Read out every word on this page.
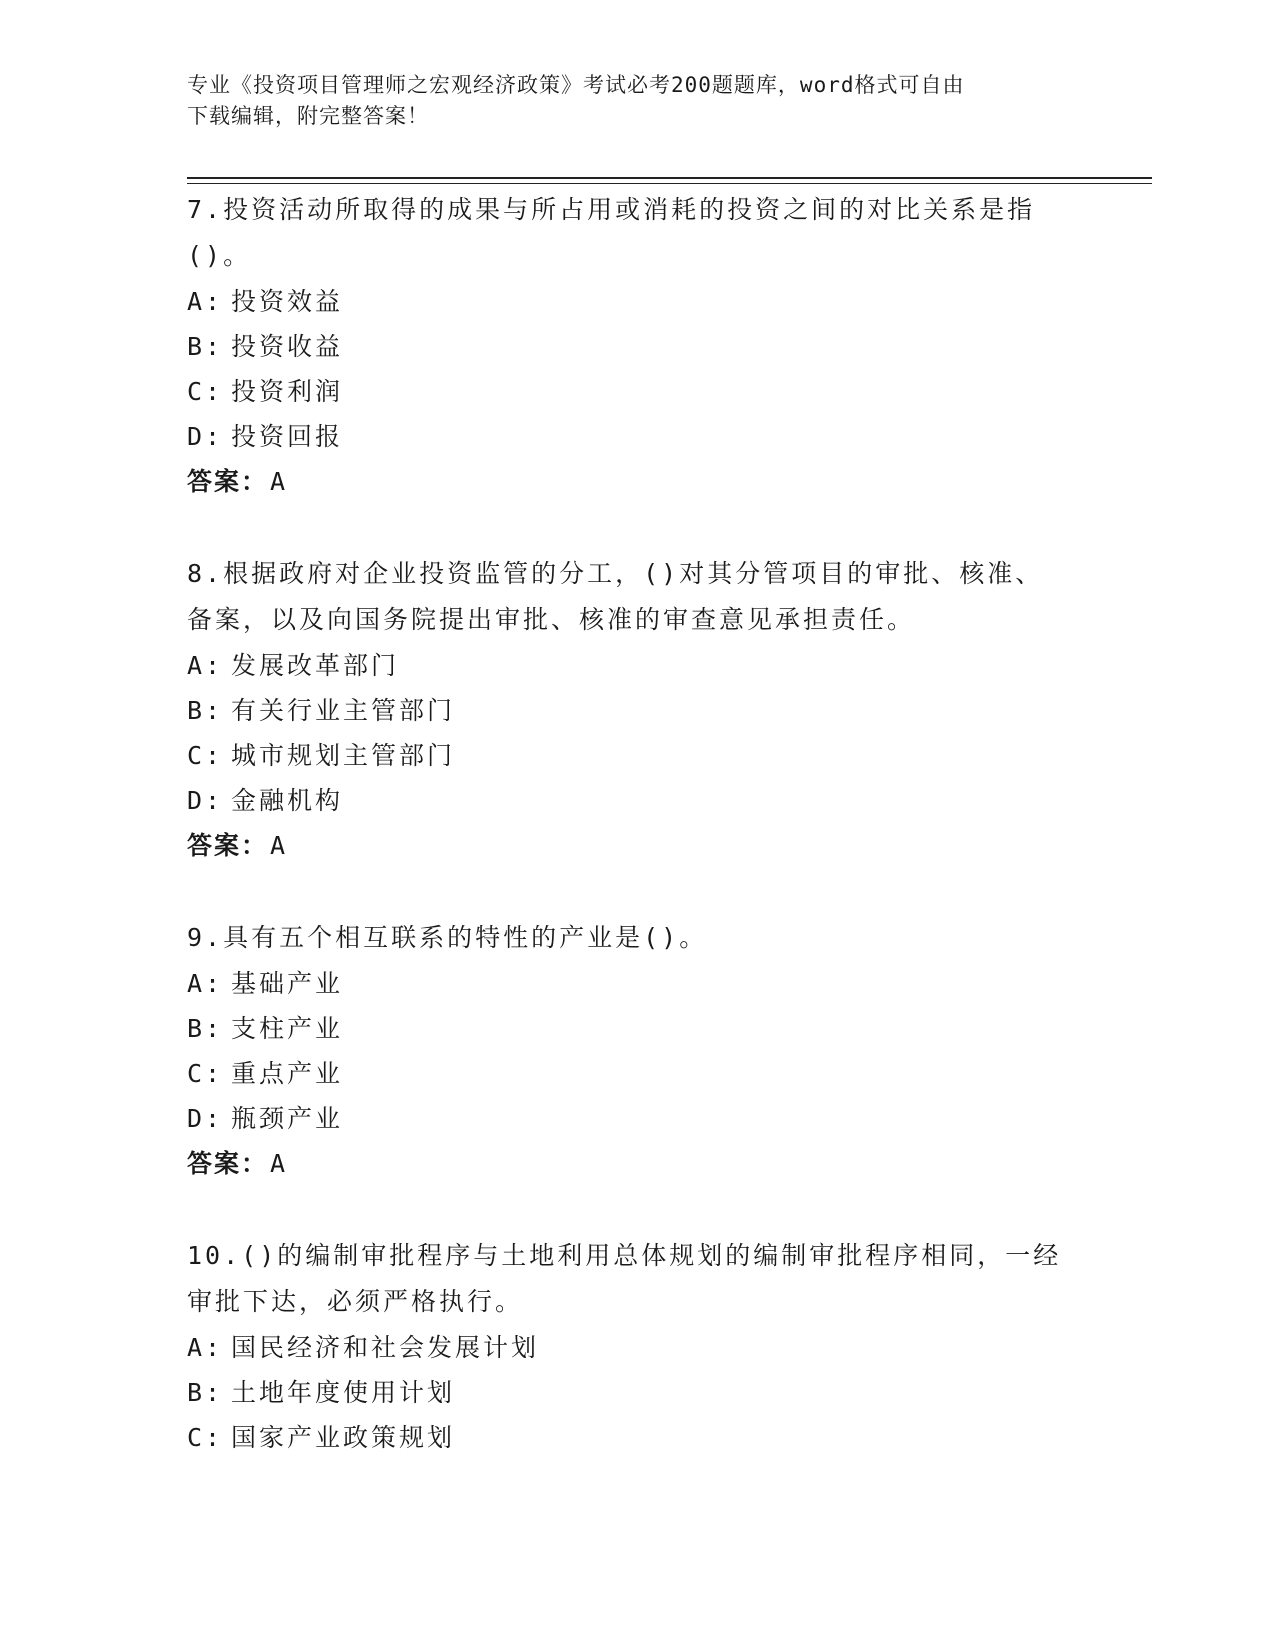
专业《投资项目管理师之宏观经济政策》考试必考200题题库，word格式可自由
下载编辑，附完整答案！
7.投资活动所取得的成果与所占用或消耗的投资之间的对比关系是指
()。
A: 投资效益
B: 投资收益
C: 投资利润
D: 投资回报
答案： A
8.根据政府对企业投资监管的分工，()对其分管项目的审批、核准、
备案，以及向国务院提出审批、核准的审查意见承担责任。
A: 发展改革部门
B: 有关行业主管部门
C: 城市规划主管部门
D: 金融机构
答案： A
9.具有五个相互联系的特性的产业是()。
A: 基础产业
B: 支柱产业
C: 重点产业
D: 瓶颈产业
答案： A
10.()的编制审批程序与土地利用总体规划的编制审批程序相同，一经
审批下达，必须严格执行。
A: 国民经济和社会发展计划
B: 土地年度使用计划
C: 国家产业政策规划
